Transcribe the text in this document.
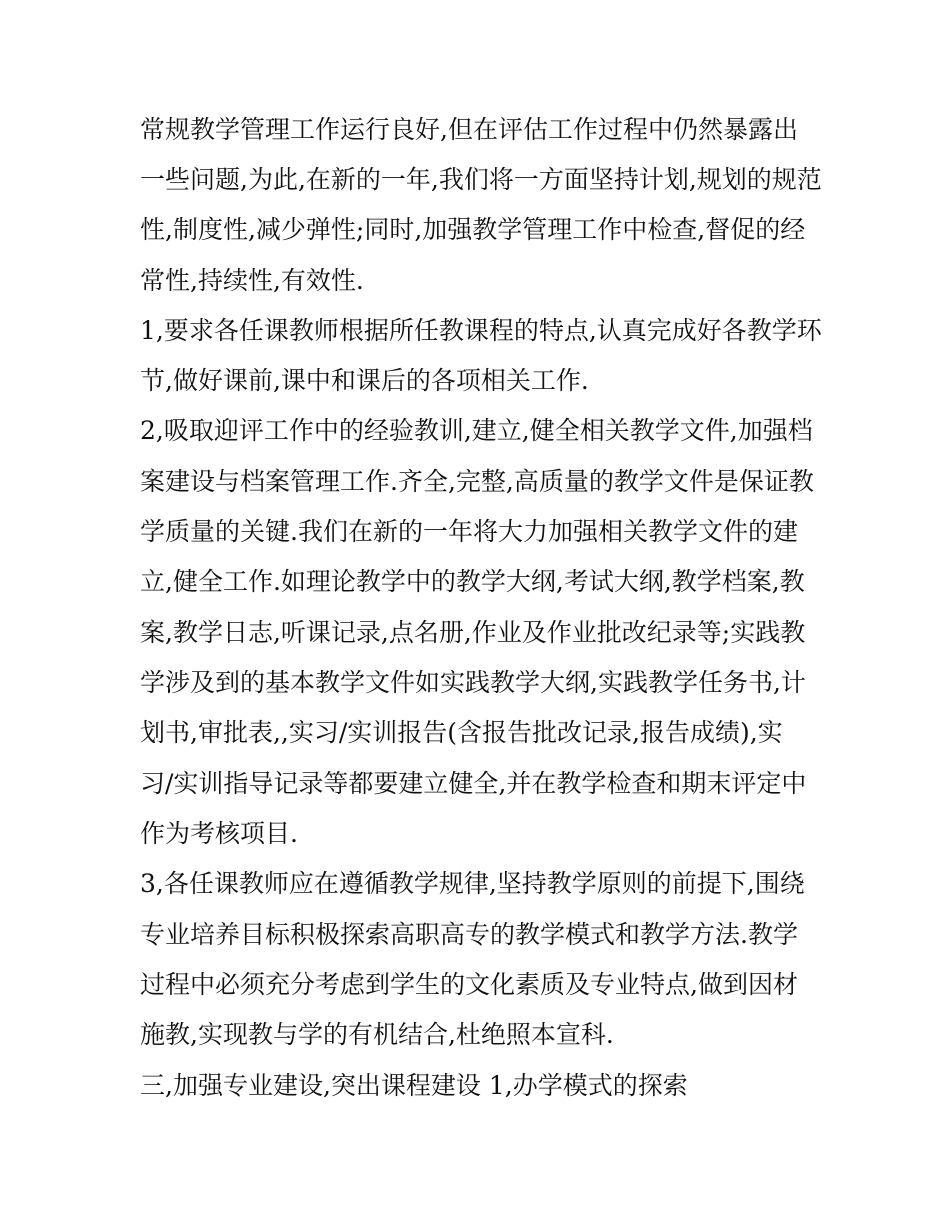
常规教学管理工作运行良好,但在评估工作过程中仍然暴露出
一些问题,为此,在新的一年,我们将一方面坚持计划,规划的规范
性,制度性,减少弹性;同时,加强教学管理工作中检查,督促的经
常性,持续性,有效性.
1,要求各任课教师根据所任教课程的特点,认真完成好各教学环
节,做好课前,课中和课后的各项相关工作.
2,吸取迎评工作中的经验教训,建立,健全相关教学文件,加强档
案建设与档案管理工作.齐全,完整,高质量的教学文件是保证教
学质量的关键.我们在新的一年将大力加强相关教学文件的建
立,健全工作.如理论教学中的教学大纲,考试大纲,教学档案,教
案,教学日志,听课记录,点名册,作业及作业批改纪录等;实践教
学涉及到的基本教学文件如实践教学大纲,实践教学任务书,计
划书,审批表,,实习/实训报告(含报告批改记录,报告成绩),实
习/实训指导记录等都要建立健全,并在教学检查和期末评定中
作为考核项目.
3,各任课教师应在遵循教学规律,坚持教学原则的前提下,围绕
专业培养目标积极探索高职高专的教学模式和教学方法.教学
过程中必须充分考虑到学生的文化素质及专业特点,做到因材
施教,实现教与学的有机结合,杜绝照本宣科.
三,加强专业建设,突出课程建设 1,办学模式的探索
